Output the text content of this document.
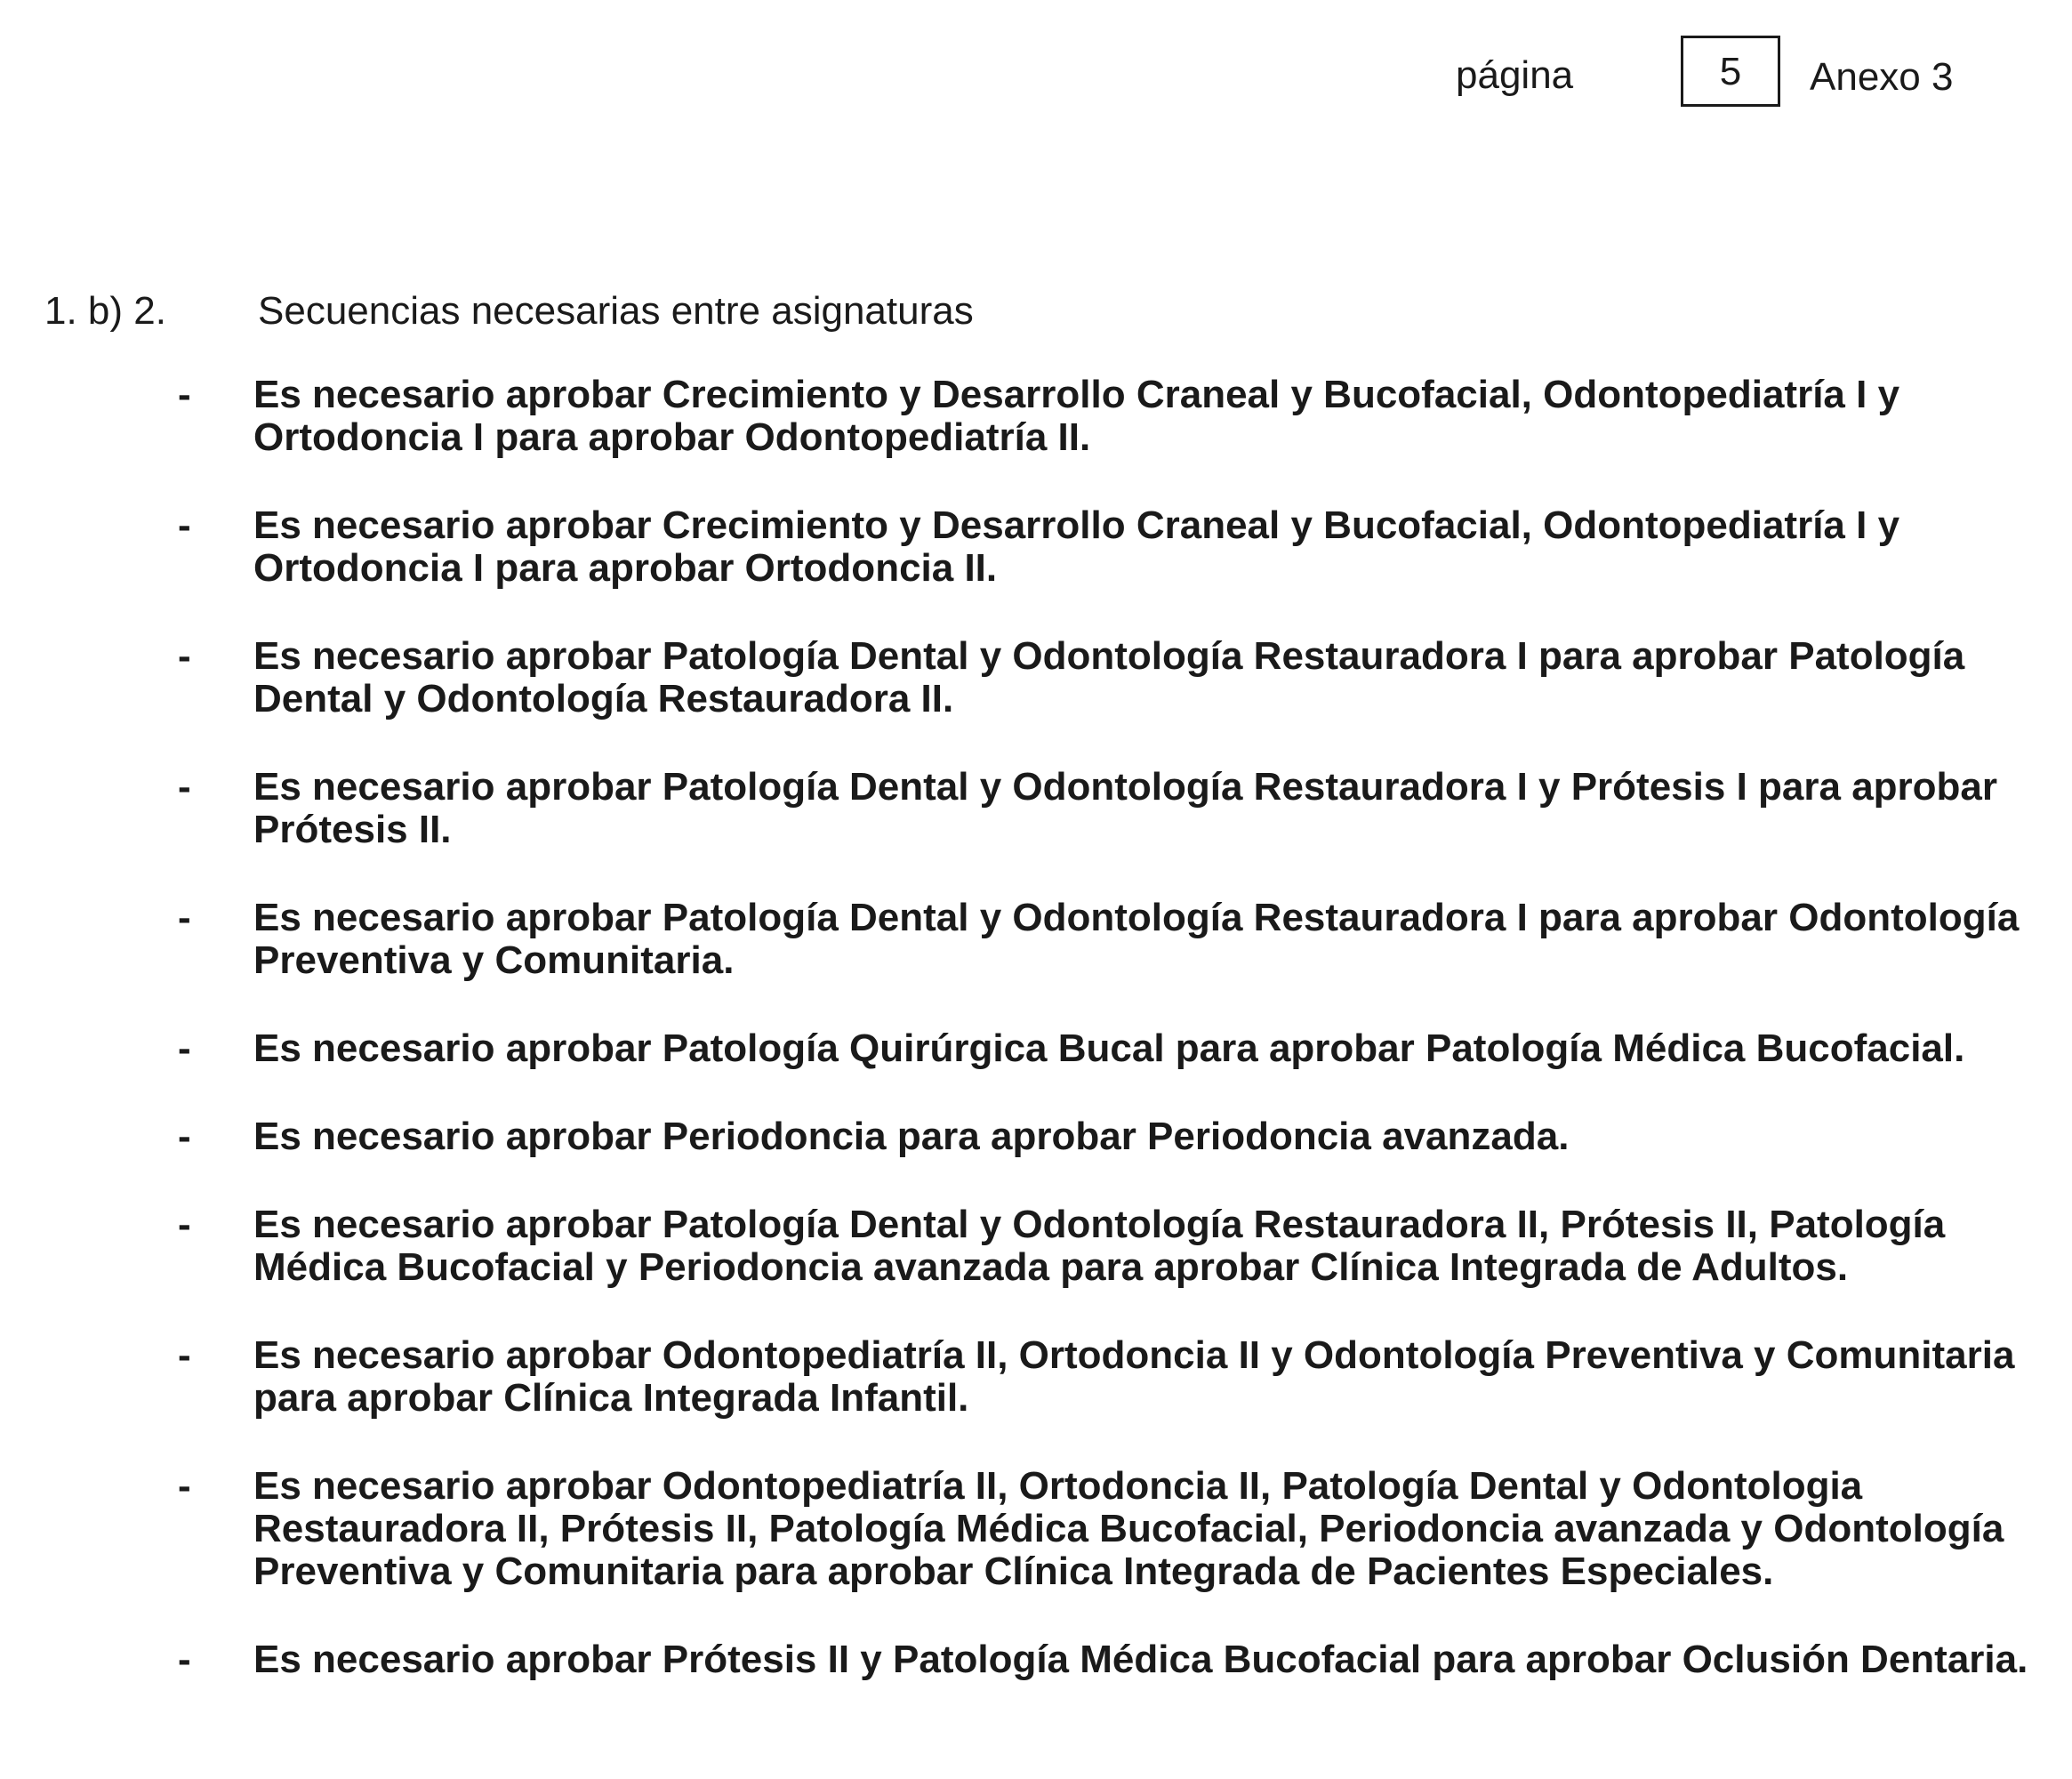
página	5	Anexo 3
1. b) 2. Secuencias necesarias entre asignaturas
- Es necesario aprobar Crecimiento y Desarrollo Craneal y Bucofacial, Odontopediatría I y Ortodoncia I para aprobar Odontopediatría II.
- Es necesario aprobar Crecimiento y Desarrollo Craneal y Bucofacial, Odontopediatría I y Ortodoncia I para aprobar Ortodoncia II.
- Es necesario aprobar Patología Dental y Odontología Restauradora I para aprobar Patología Dental y Odontología Restauradora II.
- Es necesario aprobar Patología Dental y Odontología Restauradora I y Prótesis I para aprobar Prótesis II.
- Es necesario aprobar Patología Dental y Odontología Restauradora I para aprobar Odontología Preventiva y Comunitaria.
- Es necesario aprobar Patología Quirúrgica Bucal para aprobar Patología Médica Bucofacial.
- Es necesario aprobar Periodoncia para aprobar Periodoncia avanzada.
- Es necesario aprobar Patología Dental y Odontología Restauradora II, Prótesis II, Patología Médica Bucofacial y Periodoncia avanzada para aprobar Clínica Integrada de Adultos.
- Es necesario aprobar Odontopediatría II, Ortodoncia II y Odontología Preventiva y Comunitaria para aprobar Clínica Integrada Infantil.
- Es necesario aprobar Odontopediatría II, Ortodoncia II, Patología Dental y Odontologia Restauradora II, Prótesis II, Patología Médica Bucofacial, Periodoncia avanzada y Odontología Preventiva y Comunitaria para aprobar Clínica Integrada de Pacientes Especiales.
- Es necesario aprobar Prótesis II y Patología Médica Bucofacial para aprobar Oclusión Dentaria.
